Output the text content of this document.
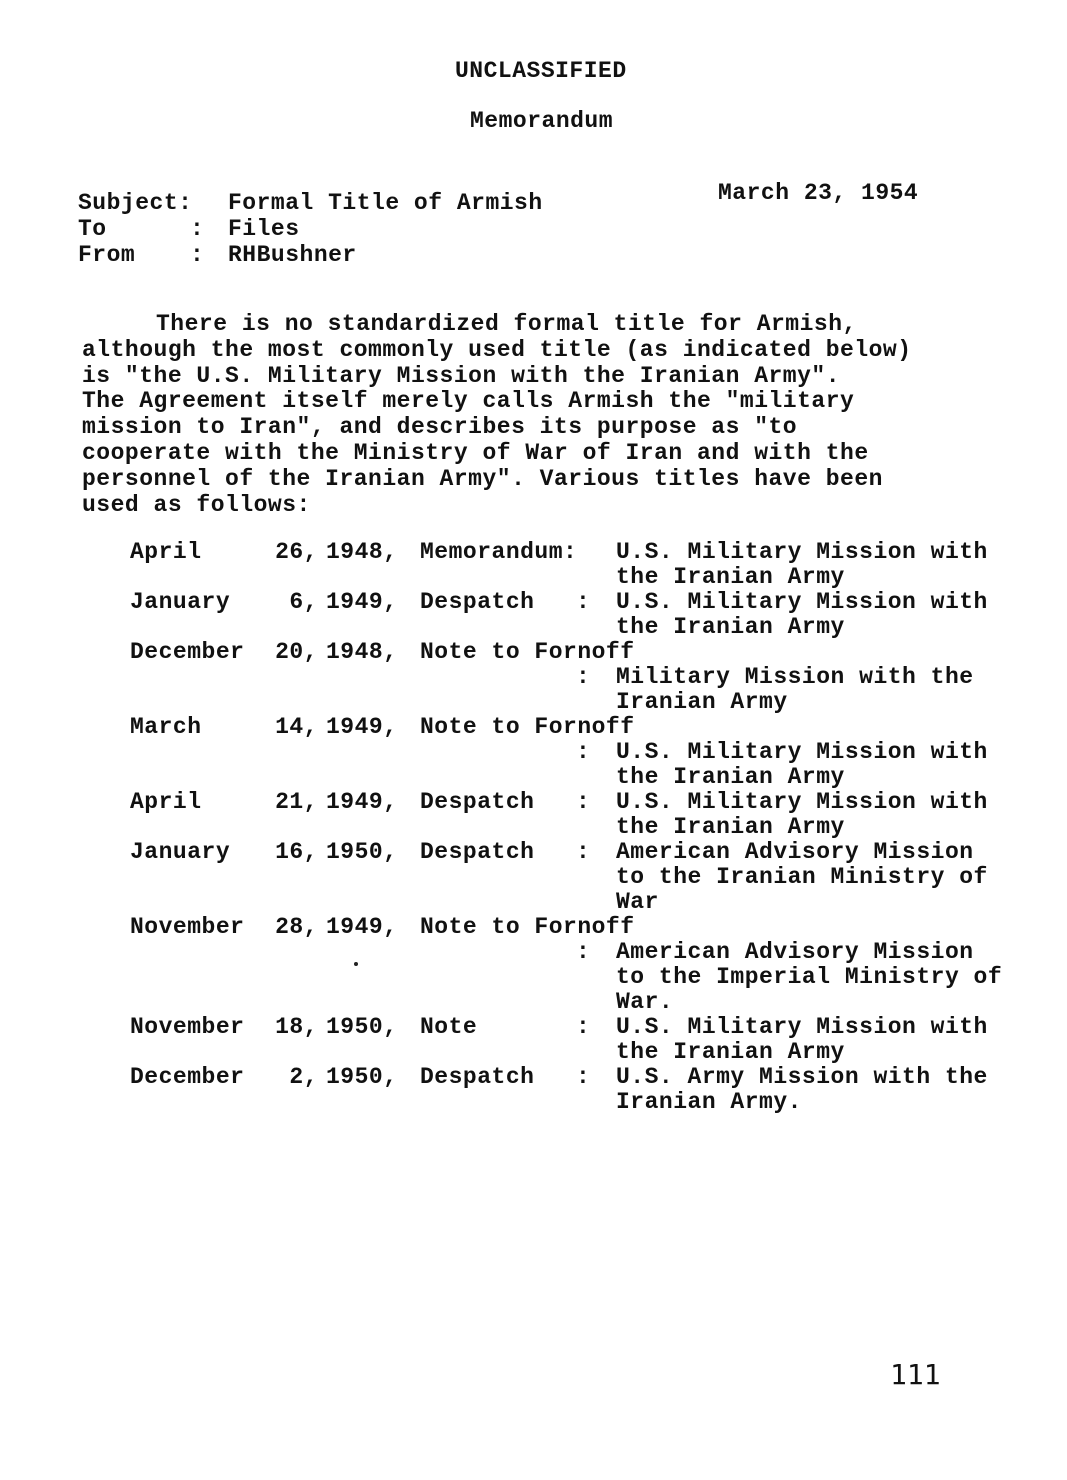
UNCLASSIFIED
Memorandum
Subject:	Formal Title of Armish
To	: Files
From	: RHBushner
March 23, 1954
There is no standardized formal title for Armish,
although the most commonly used title (as indicated below)
is "the U.S. Military Mission with the Iranian Army".
The Agreement itself merely calls Armish the "military
mission to Iran", and describes its purpose as "to
cooperate with the Ministry of War of Iran and with the
personnel of the Iranian Army". Various titles have been
used as follows:
April	26, 1948, Memorandum:	U.S. Military Mission with the Iranian Army
January	6, 1949, Despatch	: U.S. Military Mission with the Iranian Army
December	20, 1948, Note to Fornoff
: Military Mission with the Iranian Army
March	14, 1949, Note to Fornoff
: U.S. Military Mission with the Iranian Army
April	21, 1949, Despatch	: U.S. Military Mission with the Iranian Army
January	16, 1950, Despatch	: American Advisory Mission to the Iranian Ministry of War
November	28, 1949, Note to Fornoff
: American Advisory Mission to the Imperial Ministry of War.
November	18, 1950, Note	: U.S. Military Mission with the Iranian Army
December	2, 1950, Despatch	: U.S. Army Mission with the Iranian Army.
111
